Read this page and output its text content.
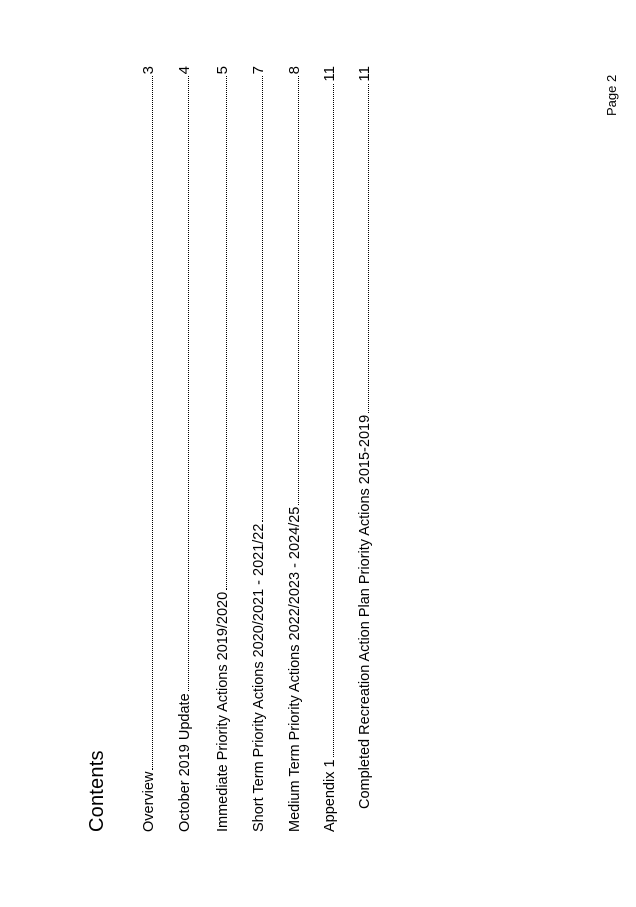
Contents Overview
3
October 2019 Update
4
Immediate Priority Actions 2019/2020
5
Short Term Priority Actions 2020/2021 - 2021/22
7
Medium Term Priority Actions 2022/2023 - 2024/25
8
Appendix 1
11
Completed Recreation Action Plan Priority Actions 2015-2019
11
Page 2
